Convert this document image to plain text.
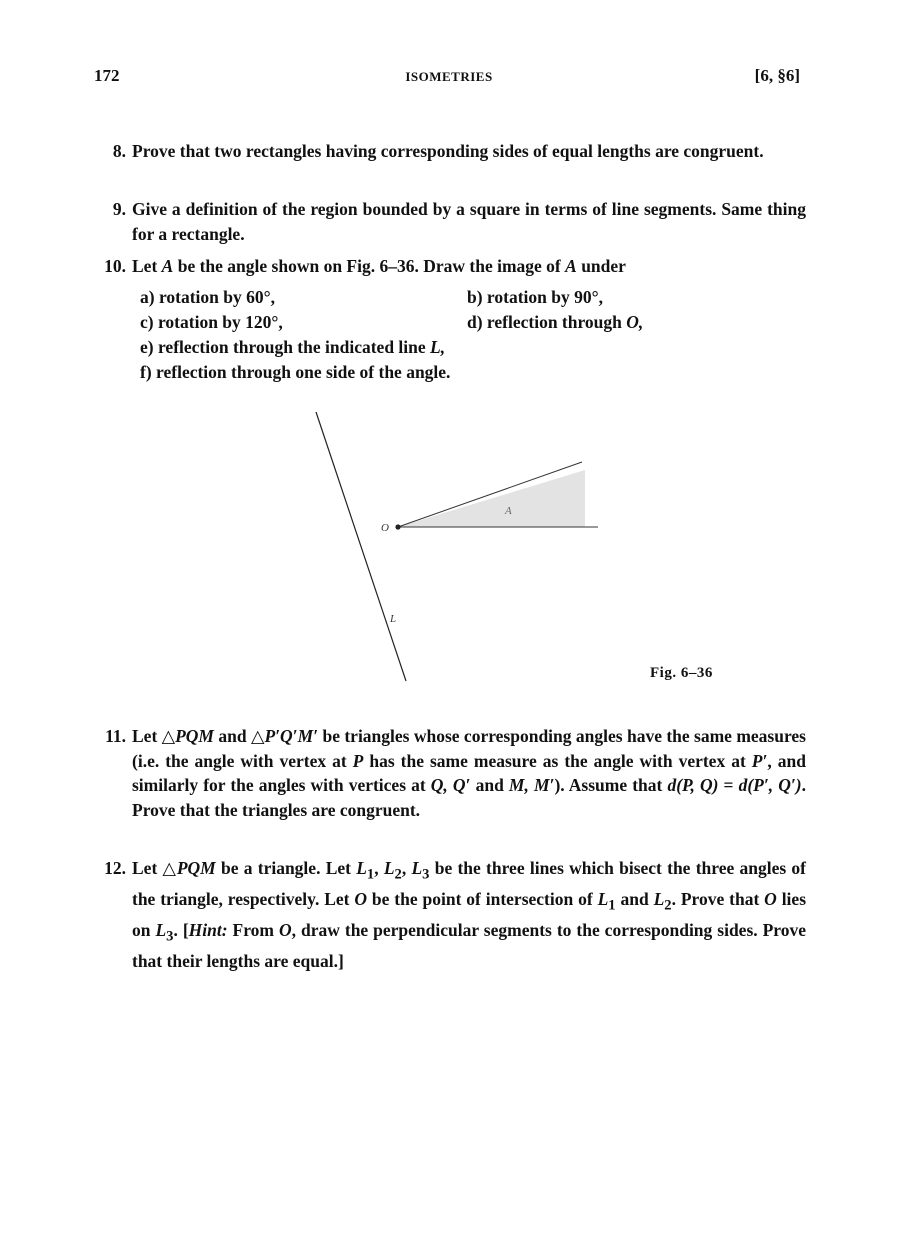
172	ISOMETRIES	[6, §6]
8. Prove that two rectangles having corresponding sides of equal lengths are congruent.
9. Give a definition of the region bounded by a square in terms of line segments. Same thing for a rectangle.
10. Let A be the angle shown on Fig. 6–36. Draw the image of A under
a) rotation by 60°,	b) rotation by 90°,
c) rotation by 120°,	d) reflection through O,
e) reflection through the indicated line L,
f) reflection through one side of the angle.
O
A
L
Fig. 6–36
11. Let △PQM and △P′Q′M′ be triangles whose corresponding angles have the same measures (i.e. the angle with vertex at P has the same measure as the angle with vertex at P′, and similarly for the angles with vertices at Q, Q′ and M, M′). Assume that d(P, Q) = d(P′, Q′). Prove that the triangles are congruent.
12. Let △PQM be a triangle. Let $L_1$, $L_2$, $L_3$ be the three lines which bisect the three angles of the triangle, respectively. Let O be the point of intersection of $L_1$ and $L_2$. Prove that O lies on $L_3$. [Hint: From O, draw the perpendicular segments to the corresponding sides. Prove that their lengths are equal.]
